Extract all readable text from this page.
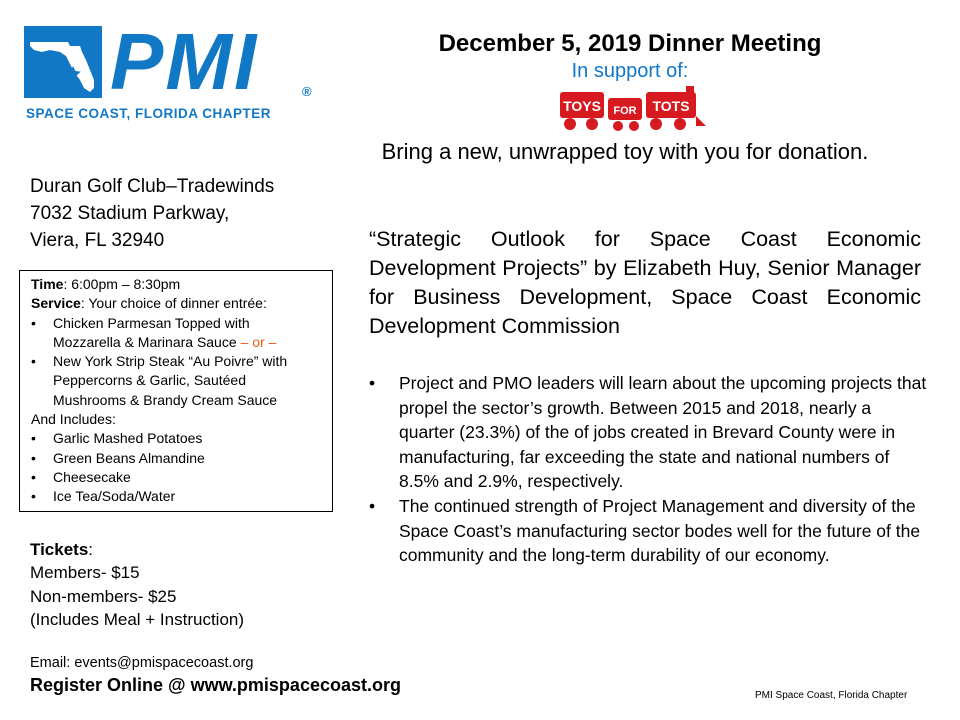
PMI	®
SPACE COAST, FLORIDA CHAPTER
December 5, 2019 Dinner Meeting
In support of:
TOYS FOR TOTS
Bring a new, unwrapped toy with you for donation.
Duran Golf Club–Tradewinds
7032 Stadium Parkway,
Viera, FL 32940
Time: 6:00pm – 8:30pm
Service: Your choice of dinner entrée:
• Chicken Parmesan Topped with
Mozzarella & Marinara Sauce – or –
• New York Strip Steak “Au Poivre” with
Peppercorns & Garlic, Sautéed
Mushrooms & Brandy Cream Sauce
And Includes:
• Garlic Mashed Potatoes
• Green Beans Almandine
• Cheesecake
• Ice Tea/Soda/Water
Tickets:
Members- $15
Non-members- $25
(Includes Meal + Instruction)
Email: events@pmispacecoast.org
Register Online @ www.pmispacecoast.org
“Strategic Outlook for Space Coast Economic Development Projects” by Elizabeth Huy, Senior Manager for Business Development, Space Coast Economic Development Commission
• Project and PMO leaders will learn about the upcoming projects that propel the sector’s growth. Between 2015 and 2018, nearly a quarter (23.3%) of the of jobs created in Brevard County were in manufacturing, far exceeding the state and national numbers of 8.5% and 2.9%, respectively.
• The continued strength of Project Management and diversity of the Space Coast’s manufacturing sector bodes well for the future of the community and the long-term durability of our economy.
PMI Space Coast, Florida Chapter
